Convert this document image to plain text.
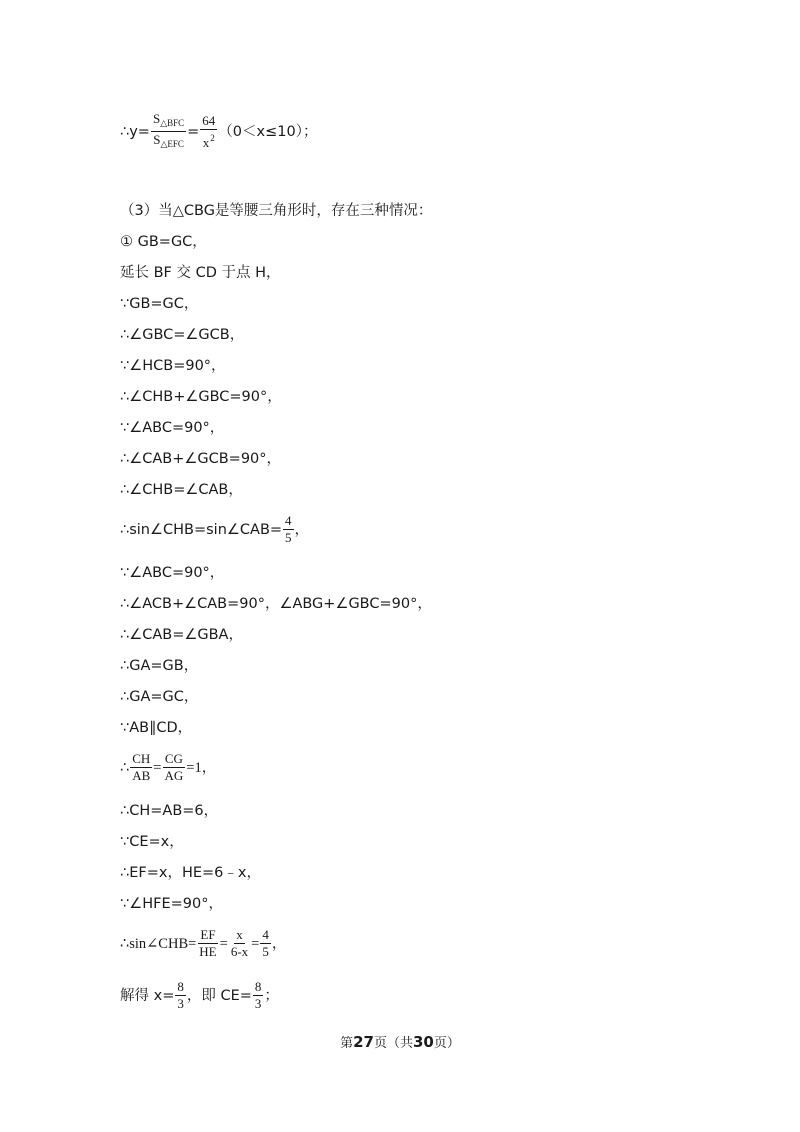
∴y= $\frac{S_{\triangle BFC}}{S_{\triangle EFC}} = \frac{64}{x^2} (0<x\le 10)$；
（3）当△CBG是等腰三角形时，存在三种情况：
① GB=GC，
延长 BF 交 CD 于点 H，
∵GB=GC，
∴∠GBC=∠GCB，
∵∠HCB=90°，
∴∠CHB+∠GBC=90°，
∵∠ABC=90°，
∴∠CAB+∠GCB=90°，
∴∠CHB=∠CAB，
∴sin∠CHB=sin∠CAB= $\frac{4}{5}$ ，
∵∠ABC=90°，
∴∠ACB+∠CAB=90°，∠ABG+∠GBC=90°，
∴∠CAB=∠GBA，
∴GA=GB，
∴GA=GC，
∵AB∥CD，
∴ $\frac{CH}{AB} = \frac{CG}{AG} =1$，
∴CH=AB=6，
∵CE=x，
∴EF=x，HE=6﹣x，
∵∠HFE=90°，
∴sin∠CHB= $\frac{EF}{HE} = \frac{x}{6-x} = \frac{4}{5}$ ，
解得 $x= \frac{8}{3}$ ，即 $CE= \frac{8}{3}$ ；
第27页（共30页）
